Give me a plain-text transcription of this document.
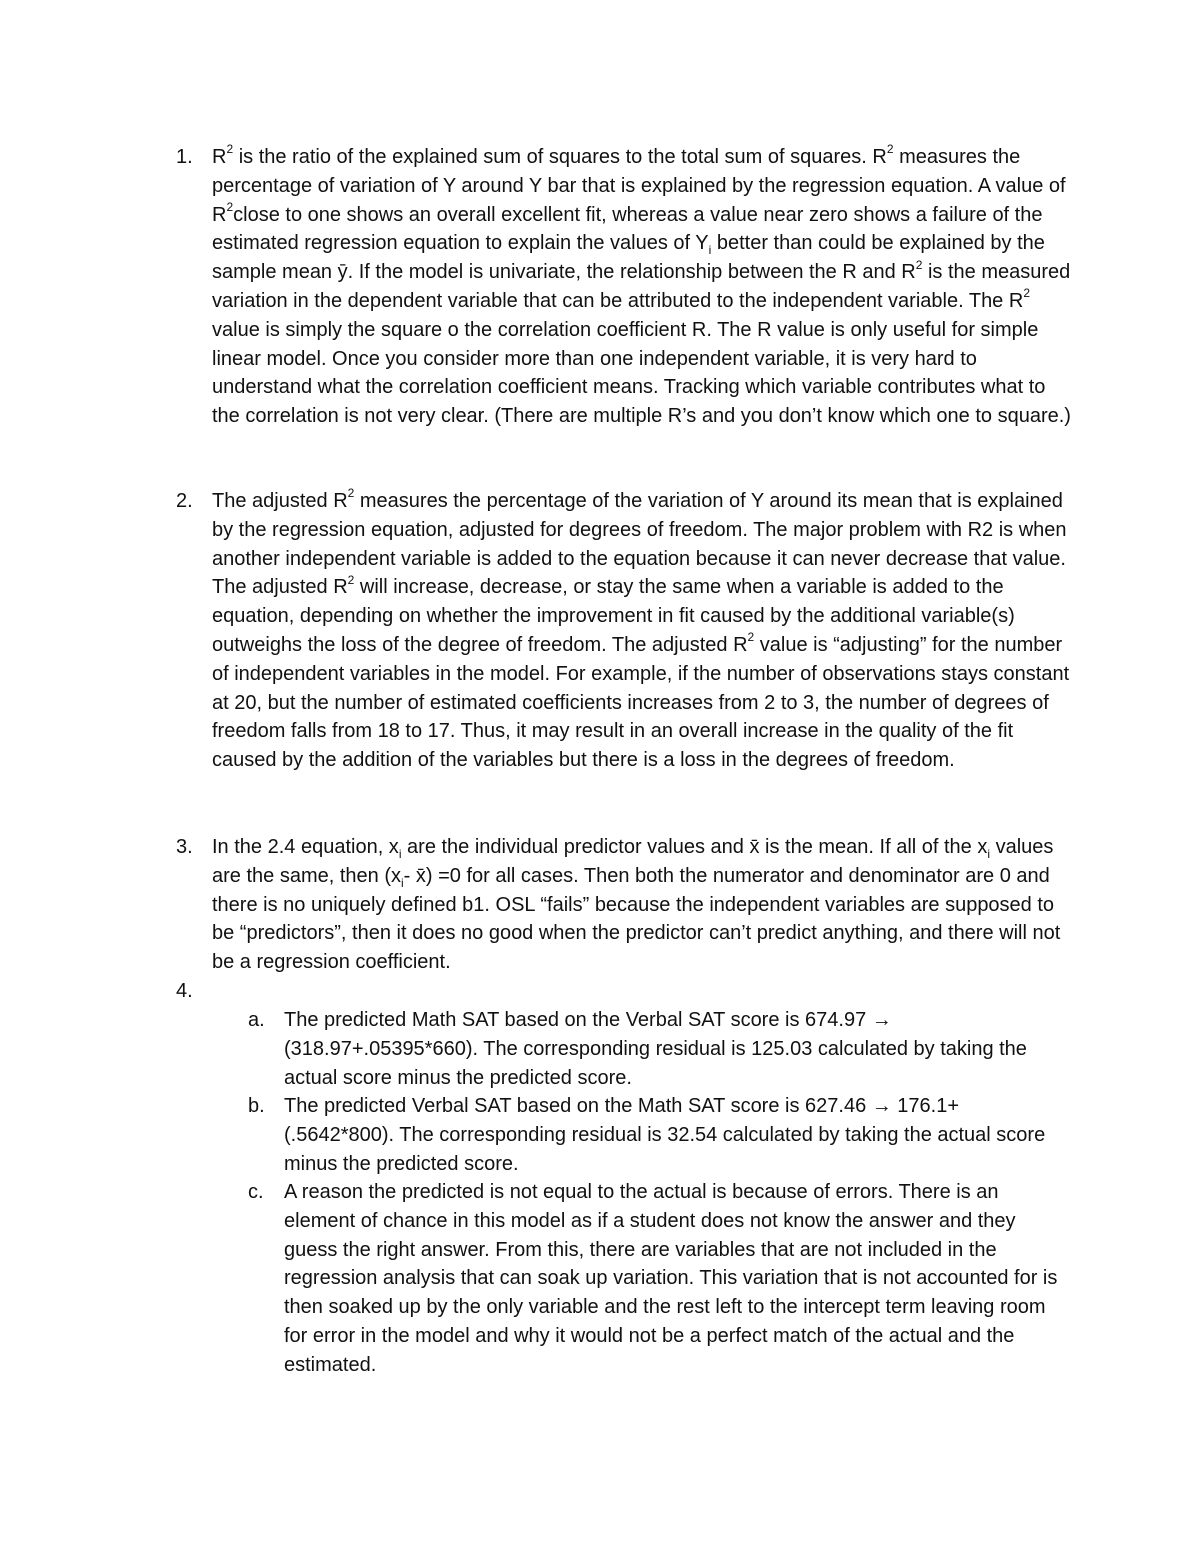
1. $R^2$ is the ratio of the explained sum of squares to the total sum of squares. $R^2$ measures the percentage of variation of Y around Y bar that is explained by the regression equation. A value of $R^2close$ to one shows an overall excellent fit, whereas a value near zero shows a failure of the estimated regression equation to explain the values of $Y_i$ better than could be explained by the sample mean ȳ. If the model is univariate, the relationship between the R and $R^2$ is the measured variation in the dependent variable that can be attributed to the independent variable. The $R^2$ value is simply the square o the correlation coefficient R. The R value is only useful for simple linear model. Once you consider more than one independent variable, it is very hard to understand what the correlation coefficient means. Tracking which variable contributes what to the correlation is not very clear. (There are multiple R’s and you don’t know which one to square.)

2. The adjusted $R^2$ measures the percentage of the variation of Y around its mean that is explained by the regression equation, adjusted for degrees of freedom. The major problem with R2 is when another independent variable is added to the equation because it can never decrease that value. The adjusted $R^2$ will increase, decrease, or stay the same when a variable is added to the equation, depending on whether the improvement in fit caused by the additional variable(s) outweighs the loss of the degree of freedom. The adjusted $R^2$ value is “adjusting” for the number of independent variables in the model. For example, if the number of observations stays constant at 20, but the number of estimated coefficients increases from 2 to 3, the number of degrees of freedom falls from 18 to 17. Thus, it may result in an overall increase in the quality of the fit caused by the addition of the variables but there is a loss in the degrees of freedom.

3. In the 2.4 equation, $x_i$ are the individual predictor values and x̄ is the mean. If all of the $x_i$ values are the same, then ($x_i-$ x̄) =0 for all cases. Then both the numerator and denominator are 0 and there is no uniquely defined b1. OSL “fails” because the independent variables are supposed to be “predictors”, then it does no good when the predictor can’t predict anything, and there will not be a regression coefficient.

4.
a. The predicted Math SAT based on the Verbal SAT score is 674.97 → (318.97+.05395*660). The corresponding residual is 125.03 calculated by taking the actual score minus the predicted score.

b. The predicted Verbal SAT based on the Math SAT score is 627.46 → 176.1+ (.5642*800). The corresponding residual is 32.54 calculated by taking the actual score minus the predicted score.

c.	A reason the predicted is not equal to the actual is because of errors. There is an element of chance in this model as if a student does not know the answer and they guess the right answer. From this, there are variables that are not included in the regression analysis that can soak up variation. This variation that is not accounted for is then soaked up by the only variable and the rest left to the intercept term leaving room for error in the model and why it would not be a perfect match of the actual and the estimated.
